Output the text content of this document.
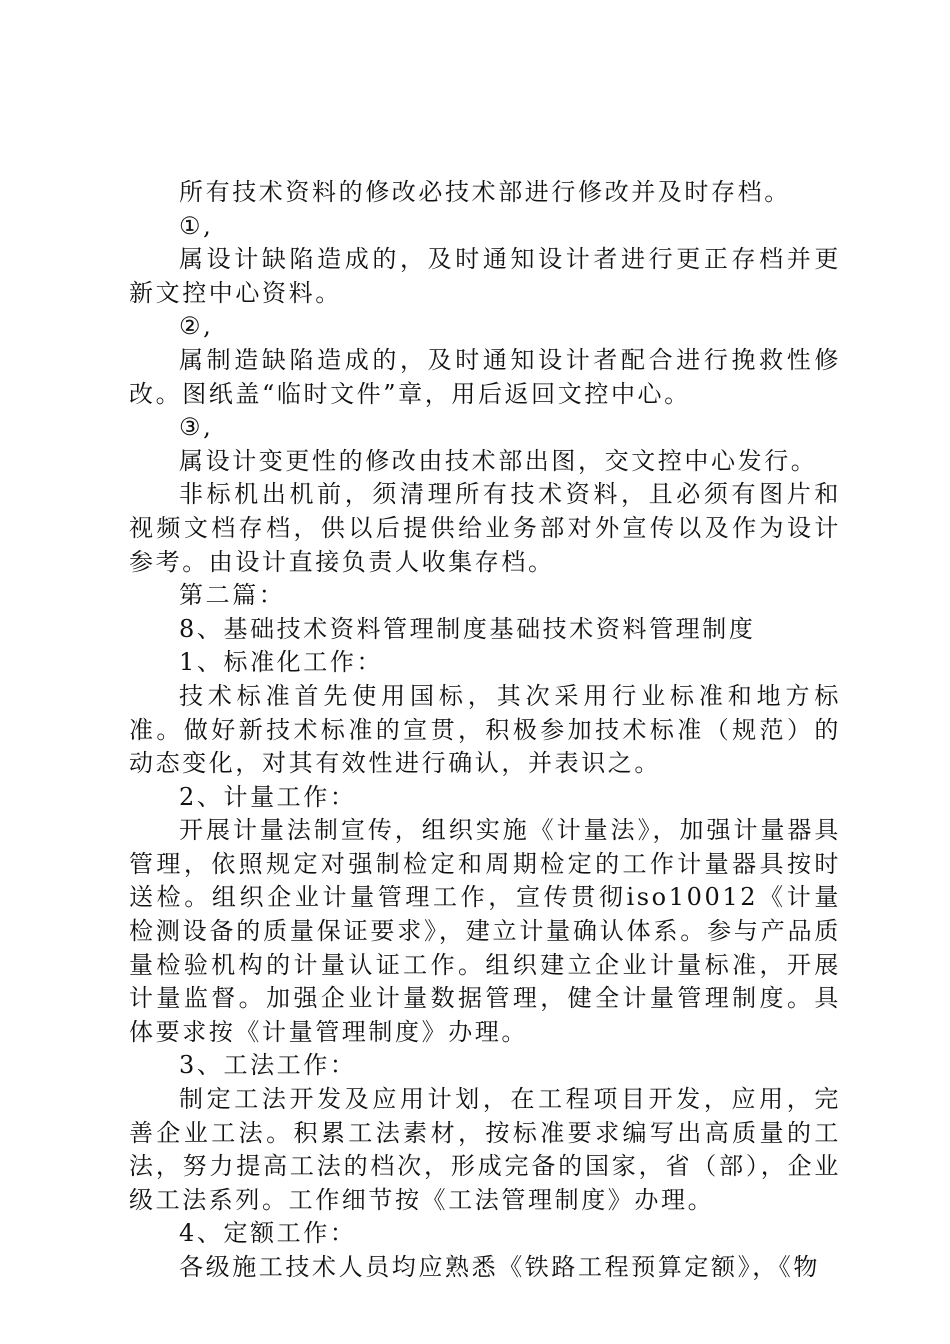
所有技术资料的修改必技术部进行修改并及时存档。

①,

属设计缺陷造成的，及时通知设计者进行更正存档并更新文控中心资料。

②,

属制造缺陷造成的，及时通知设计者配合进行挽救性修改。图纸盖“临时文件”章，用后返回文控中心。

③,

属设计变更性的修改由技术部出图，交文控中心发行。

非标机出机前，须清理所有技术资料，且必须有图片和视频文档存档，供以后提供给业务部对外宣传以及作为设计参考。由设计直接负责人收集存档。

第二篇：

8、基础技术资料管理制度基础技术资料管理制度

1、标准化工作：

技术标准首先使用国标，其次采用行业标准和地方标准。做好新技术标准的宣贯，积极参加技术标准（规范）的动态变化，对其有效性进行确认，并表识之。

2、计量工作：

开展计量法制宣传，组织实施《计量法》，加强计量器具管理，依照规定对强制检定和周期检定的工作计量器具按时送检。组织企业计量管理工作，宣传贯彻iso10012《计量检测设备的质量保证要求》，建立计量确认体系。参与产品质量检验机构的计量认证工作。组织建立企业计量标准，开展计量监督。加强企业计量数据管理，健全计量管理制度。具体要求按《计量管理制度》办理。

3、工法工作：

制定工法开发及应用计划，在工程项目开发，应用，完善企业工法。积累工法素材，按标准要求编写出高质量的工法，努力提高工法的档次，形成完备的国家，省（部），企业级工法系列。工作细节按《工法管理制度》办理。

4、定额工作：

各级施工技术人员均应熟悉《铁路工程预算定额》，《物
